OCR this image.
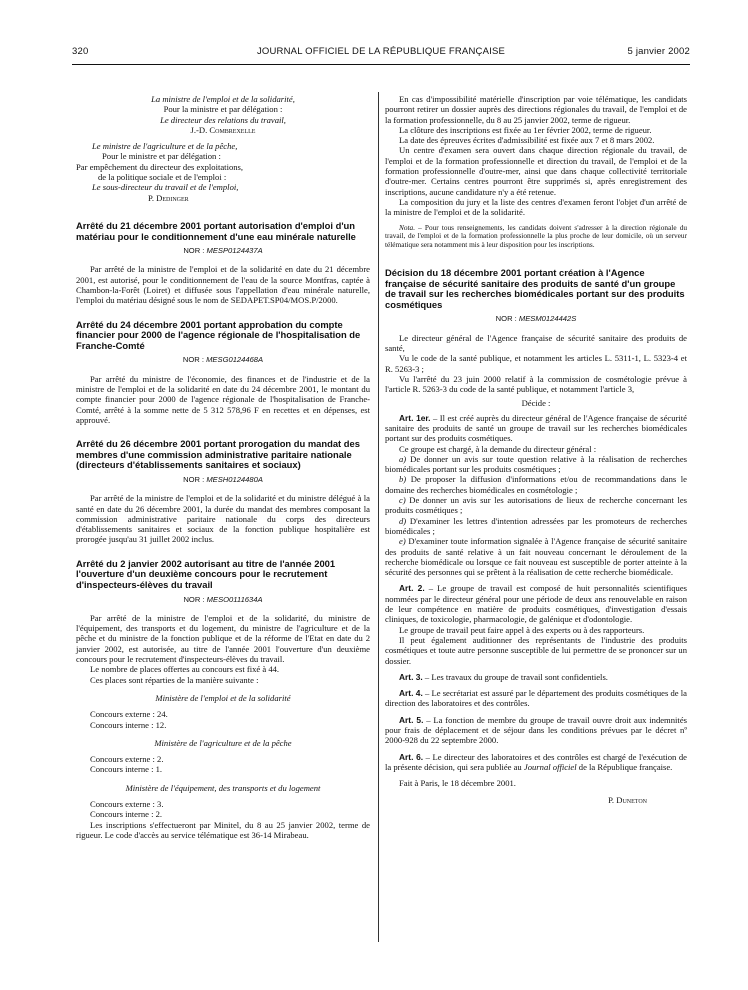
320	JOURNAL OFFICIEL DE LA RÉPUBLIQUE FRANÇAISE	5 janvier 2002

La ministre de l'emploi et de la solidarité,

Pour la ministre et par délégation :

Le directeur des relations du travail,

J.-D. Combrexelle

Le ministre de l'agriculture et de la pêche,

Pour le ministre et par délégation :

Par empêchement du directeur des exploitations,

de la politique sociale et de l'emploi :

Le sous-directeur du travail et de l'emploi,

P. Dedinger

Arrêté du 21 décembre 2001 portant autorisation d'emploi d'un matériau pour le conditionnement d'une eau minérale naturelle

NOR : MESP0124437A

Par arrêté de la ministre de l'emploi et de la solidarité en date du 21 décembre 2001, est autorisé, pour le conditionnement de l'eau de la source Montfras, captée à Chambon-la-Forêt (Loiret) et diffusée sous l'appellation d'eau minérale naturelle, l'emploi du matériau désigné sous le nom de SEDAPET.SP04/MOS.P/2000.

Arrêté du 24 décembre 2001 portant approbation du compte financier pour 2000 de l'agence régionale de l'hospitalisation de Franche-Comté

NOR : MESG0124468A

Par arrêté du ministre de l'économie, des finances et de l'industrie et de la ministre de l'emploi et de la solidarité en date du 24 décembre 2001, le montant du compte financier pour 2000 de l'agence régionale de l'hospitalisation de Franche-Comté, arrêté à la somme nette de 5 312 578,96 F en recettes et en dépenses, est approuvé.

Arrêté du 26 décembre 2001 portant prorogation du mandat des membres d'une commission administrative paritaire nationale (directeurs d'établissements sanitaires et sociaux)

NOR : MESH0124480A

Par arrêté de la ministre de l'emploi et de la solidarité et du ministre délégué à la santé en date du 26 décembre 2001, la durée du mandat des membres composant la commission administrative paritaire nationale du corps des directeurs d'établissements sanitaires et sociaux de la fonction publique hospitalière est prorogée jusqu'au 31 juillet 2002 inclus.

Arrêté du 2 janvier 2002 autorisant au titre de l'année 2001 l'ouverture d'un deuxième concours pour le recrutement d'inspecteurs-élèves du travail

NOR : MESO0111634A

Par arrêté de la ministre de l'emploi et de la solidarité, du ministre de l'équipement, des transports et du logement, du ministre de l'agriculture et de la pêche et du ministre de la fonction publique et de la réforme de l'Etat en date du 2 janvier 2002, est autorisée, au titre de l'année 2001 l'ouverture d'un deuxième concours pour le recrutement d'inspecteurs-élèves du travail.

Le nombre de places offertes au concours est fixé à 44.

Ces places sont réparties de la manière suivante :

Ministère de l'emploi et de la solidarité

Concours externe : 24.

Concours interne : 12.

Ministère de l'agriculture et de la pêche

Concours externe : 2.

Concours interne : 1.

Ministère de l'équipement, des transports et du logement

Concours externe : 3.

Concours interne : 2.

Les inscriptions s'effectueront par Minitel, du 8 au 25 janvier 2002, terme de rigueur. Le code d'accès au service télématique est 36-14 Mirabeau.

En cas d'impossibilité matérielle d'inscription par voie télématique, les candidats pourront retirer un dossier auprès des directions régionales du travail, de l'emploi et de la formation professionnelle, du 8 au 25 janvier 2002, terme de rigueur.

La clôture des inscriptions est fixée au 1er février 2002, terme de rigueur.

La date des épreuves écrites d'admissibilité est fixée aux 7 et 8 mars 2002.

Un centre d'examen sera ouvert dans chaque direction régionale du travail, de l'emploi et de la formation professionnelle et direction du travail, de l'emploi et de la formation professionnelle d'outre-mer, ainsi que dans chaque collectivité territoriale d'outre-mer. Certains centres pourront être supprimés si, après enregistrement des inscriptions, aucune candidature n'y a été retenue.

La composition du jury et la liste des centres d'examen feront l'objet d'un arrêté de la ministre de l'emploi et de la solidarité.

Nota. – Pour tous renseignements, les candidats doivent s'adresser à la direction régionale du travail, de l'emploi et de la formation professionnelle la plus proche de leur domicile, où un serveur télématique sera notamment mis à leur disposition pour les inscriptions.

Décision du 18 décembre 2001 portant création à l'Agence française de sécurité sanitaire des produits de santé d'un groupe de travail sur les recherches biomédicales portant sur des produits cosmétiques

NOR : MESM0124442S

Le directeur général de l'Agence française de sécurité sanitaire des produits de santé,

Vu le code de la santé publique, et notamment les articles L. 5311-1, L. 5323-4 et R. 5263-3 ;

Vu l'arrêté du 23 juin 2000 relatif à la commission de cosmétologie prévue à l'article R. 5263-3 du code de la santé publique, et notamment l'article 3,

Décide :

Art. 1er. – Il est créé auprès du directeur général de l'Agence française de sécurité sanitaire des produits de santé un groupe de travail sur les recherches biomédicales portant sur des produits cosmétiques.

Ce groupe est chargé, à la demande du directeur général :

a) De donner un avis sur toute question relative à la réalisation de recherches biomédicales portant sur les produits cosmétiques ;

b) De proposer la diffusion d'informations et/ou de recommandations dans le domaine des recherches biomédicales en cosmétologie ;

c) De donner un avis sur les autorisations de lieux de recherche concernant les produits cosmétiques ;

d) D'examiner les lettres d'intention adressées par les promoteurs de recherches biomédicales ;

e) D'examiner toute information signalée à l'Agence française de sécurité sanitaire des produits de santé relative à un fait nouveau concernant le déroulement de la recherche biomédicale ou lorsque ce fait nouveau est susceptible de porter atteinte à la sécurité des personnes qui se prêtent à la réalisation de cette recherche biomédicale.

Art. 2. – Le groupe de travail est composé de huit personnalités scientifiques nommées par le directeur général pour une période de deux ans renouvelable en raison de leur compétence en matière de produits cosmétiques, d'investigation d'essais cliniques, de toxicologie, pharmacologie, de galénique et d'odontologie.

Le groupe de travail peut faire appel à des experts ou à des rapporteurs.

Il peut également auditionner des représentants de l'industrie des produits cosmétiques et toute autre personne susceptible de lui permettre de se prononcer sur un dossier.

Art. 3. – Les travaux du groupe de travail sont confidentiels.

Art. 4. – Le secrétariat est assuré par le département des produits cosmétiques de la direction des laboratoires et des contrôles.

Art. 5. – La fonction de membre du groupe de travail ouvre droit aux indemnités pour frais de déplacement et de séjour dans les conditions prévues par le décret nº 2000-928 du 22 septembre 2000.

Art. 6. – Le directeur des laboratoires et des contrôles est chargé de l'exécution de la présente décision, qui sera publiée au Journal officiel de la République française.

Fait à Paris, le 18 décembre 2001.

P. Duneton
